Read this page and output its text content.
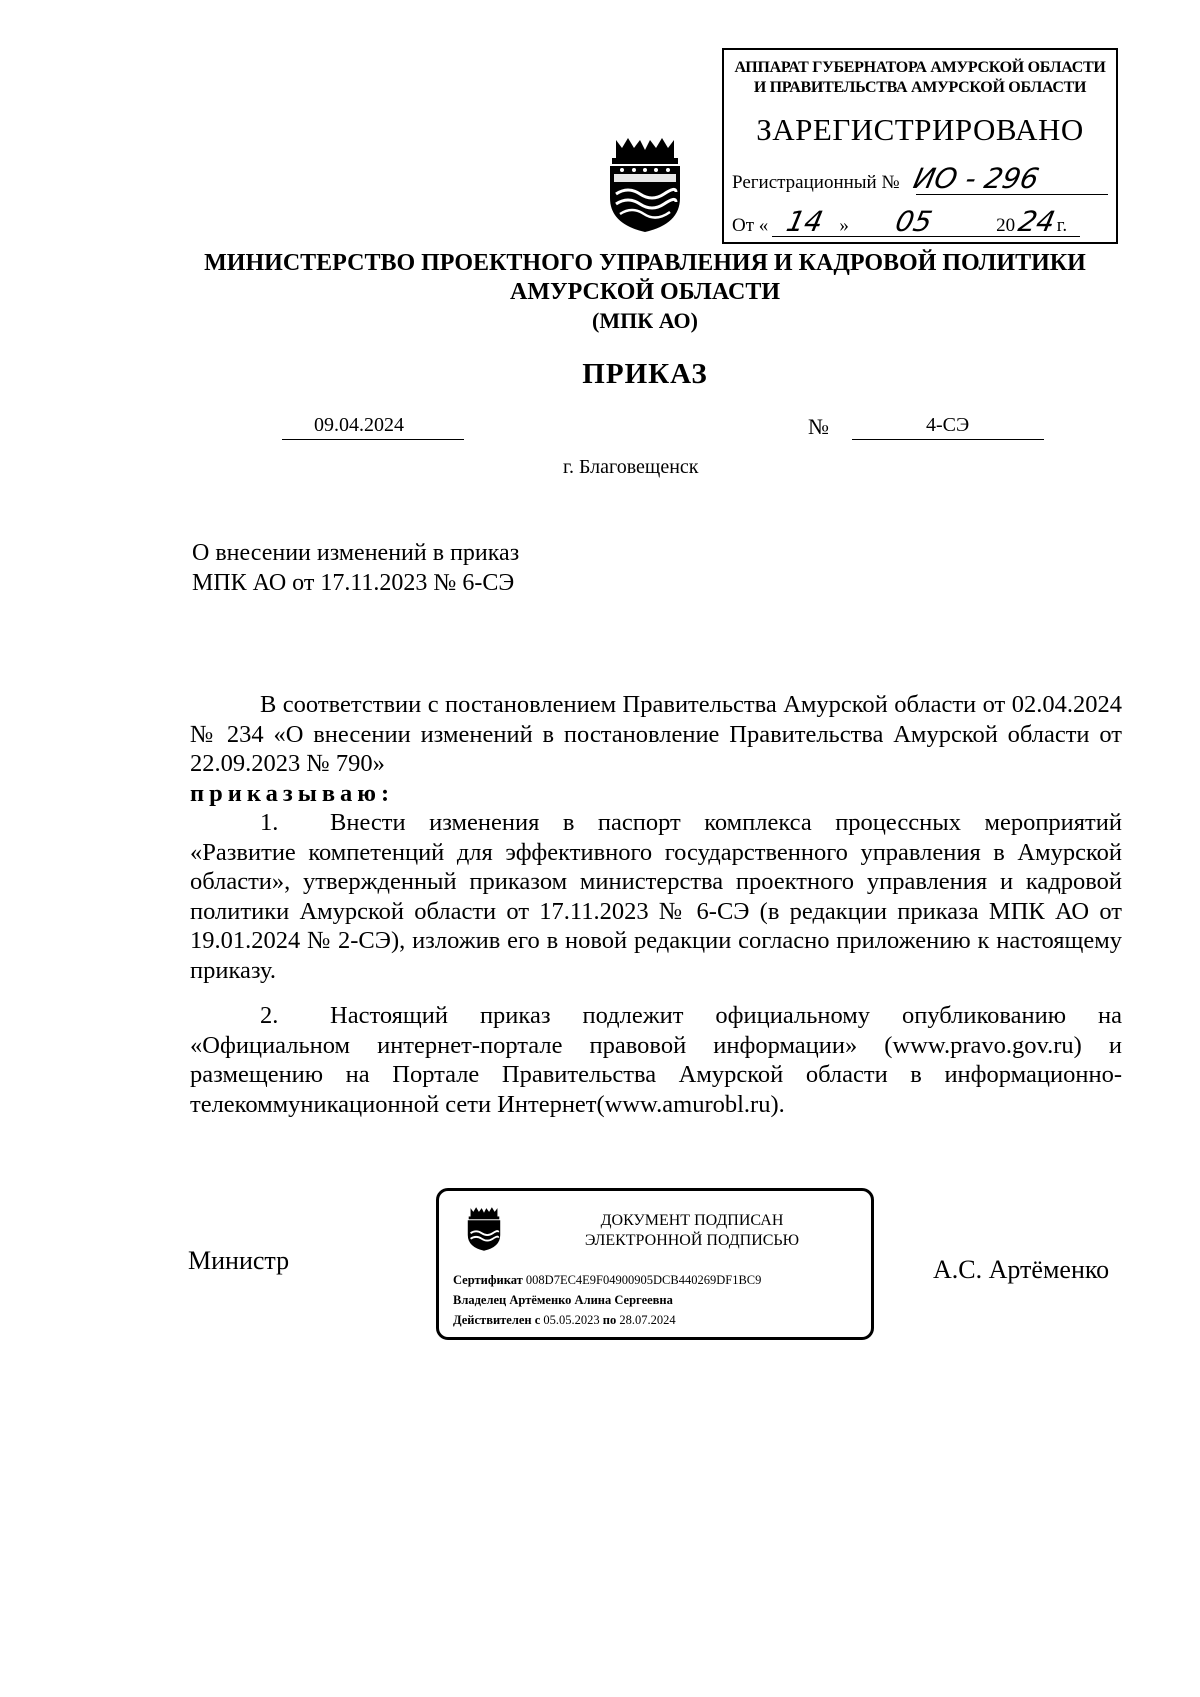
АППАРАТ ГУБЕРНАТОРА АМУРСКОЙ ОБЛАСТИ
И ПРАВИТЕЛЬСТВА АМУРСКОЙ ОБЛАСТИ
ЗАРЕГИСТРИРОВАНО
Регистрационный № ИО - 296
От « 14 » 05	2024г.
МИНИСТЕРСТВО ПРОЕКТНОГО УПРАВЛЕНИЯ И КАДРОВОЙ ПОЛИТИКИ
АМУРСКОЙ ОБЛАСТИ
(МПК АО)
ПРИКАЗ
09.04.2024	№	4-СЭ
г. Благовещенск
О внесении изменений в приказ
МПК АО от 17.11.2023 № 6-СЭ
В соответствии с постановлением Правительства Амурской области от 02.04.2024 № 234 «О внесении изменений в постановление Правительства Амурской области от 22.09.2023 № 790»
приказываю:
1. Внести изменения в паспорт комплекса процессных мероприятий «Развитие компетенций для эффективного государственного управления в Амурской области», утвержденный приказом министерства проектного управления и кадровой политики Амурской области от 17.11.2023 № 6-СЭ (в редакции приказа МПК АО от 19.01.2024 № 2-СЭ), изложив его в новой редакции согласно приложению к настоящему приказу.
2. Настоящий приказ подлежит официальному опубликованию на «Официальном интернет-портале правовой информации» (www.pravo.gov.ru) и размещению на Портале Правительства Амурской области в информационно-телекоммуникационной сети Интернет(www.amurobl.ru).
Министр
ДОКУМЕНТ ПОДПИСАН
ЭЛЕКТРОННОЙ ПОДПИСЬЮ
Сертификат 008D7EC4E9F04900905DCB440269DF1BC9
Владелец Артёменко Алина Сергеевна
Действителен с 05.05.2023 по 28.07.2024
А.С. Артёменко
